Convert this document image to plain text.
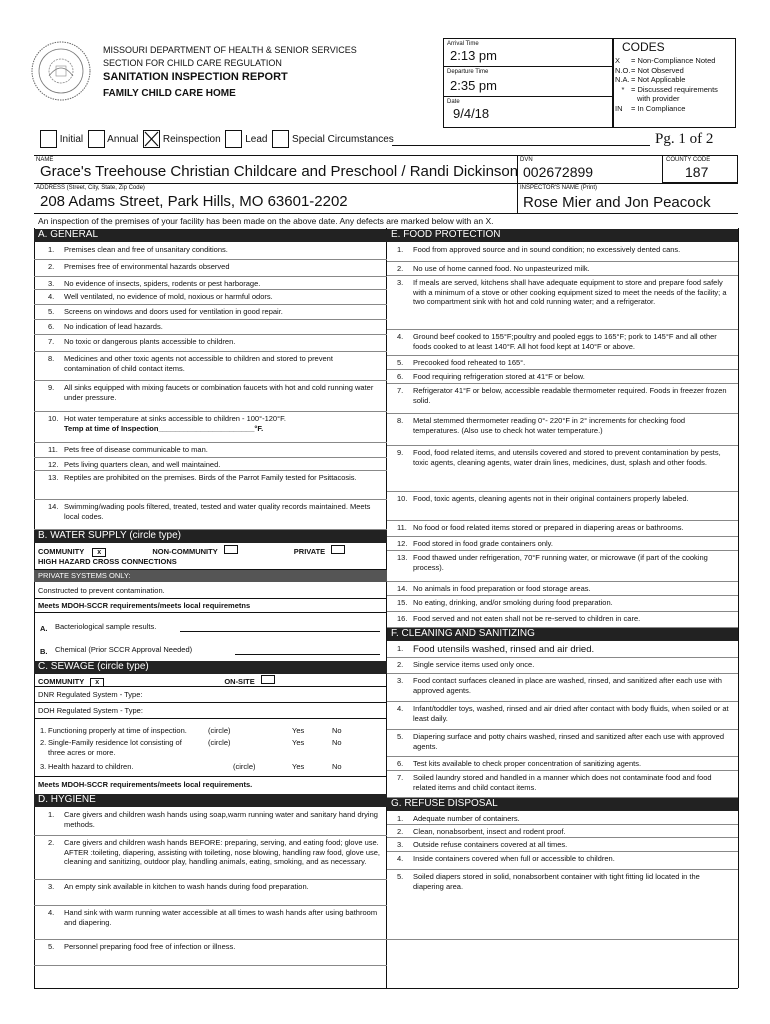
MISSOURI DEPARTMENT OF HEALTH & SENIOR SERVICES
SECTION FOR CHILD CARE REGULATION
SANITATION INSPECTION REPORT
FAMILY CHILD CARE HOME
Arrival Time
2:13 pm
Departure Time
2:35 pm
Date
9/4/18
CODES
X	= Non-Compliance Noted
N.O. = Not Observed
N.A. = Not Applicable
* = Discussed requirements
with provider
IN	= In Compliance
Initial Annual Reinspection Lead Special Circumstances	Pg. 1 of 2
NAME
Grace's Treehouse Christian Childcare and Preschool / Randi Dickinson
DVN
002672899
COUNTY CODE
187
ADDRESS (Street, City, State, Zip Code)
208 Adams Street, Park Hills, MO 63601-2202
INSPECTOR'S NAME (Print)
Rose Mier and Jon Peacock
An inspection of the premises of your facility has been made on the above date. Any defects are marked below with an X.
A. GENERAL
1. Premises clean and free of unsanitary conditions.
2. Premises free of environmental hazards observed
3. No evidence of insects, spiders, rodents or pest harborage.
4. Well ventilated, no evidence of mold, noxious or harmful odors.
5. Screens on windows and doors used for ventilation in good repair.
6. No indication of lead hazards.
7. No toxic or dangerous plants accessible to children.
8. Medicines and other toxic agents not accessible to children and stored to prevent contamination of child contact items.
9. All sinks equipped with mixing faucets or combination faucets with hot and cold running water under pressure.
10. Hot water temperature at sinks accessible to children - 100°-120°F.
Temp at time of Inspection_______________________°F.
11. Pets free of disease communicable to man.
12. Pets living quarters clean, and well maintained.
13. Reptiles are prohibited on the premises. Birds of the Parrot Family tested for Psittacosis.
14. Swimming/wading pools filtered, treated, tested and water quality records maintained. Meets local codes.
B. WATER SUPPLY (circle type)
COMMUNITY x	NON-COMMUNITY	PRIVATE
HIGH HAZARD CROSS CONNECTIONS
PRIVATE SYSTEMS ONLY:
Constructed to prevent contamination.
Meets MDOH-SCCR requirements/meets local requiremetns
A. Bacteriological sample results.
B. Chemical (Prior SCCR Approval Needed)
C. SEWAGE (circle type)
COMMUNITY x	ON-SITE
DNR Regulated System - Type:
DOH Regulated System - Type:
1. Functioning properly at time of inspection.	(circle)	Yes	No
2. Single-Family residence lot consisting of three acres or more.
(circle)	Yes	No
3. Health hazard to children.	(circle)	Yes	No
Meets MDOH-SCCR requirements/meets local requirements.
D. HYGIENE
1. Care givers and children wash hands using soap,warm running water and sanitary hand drying methods.
2. Care givers and children wash hands BEFORE: preparing, serving, and eating food; glove use. AFTER :toileting, diapering, assisting with toileting, nose blowing, handling raw food, glove use, cleaning and sanitizing, outdoor play, handling animals, eating, smoking, and as necessary.
3. An empty sink available in kitchen to wash hands during food preparation.
4. Hand sink with warm running water accessible at all times to wash hands after using bathroom and diapering.
5. Personnel preparing food free of infection or illness.
E. FOOD PROTECTION
1. Food from approved source and in sound condition; no excessively dented cans.
2. No use of home canned food. No unpasteurized milk.
3. If meals are served, kitchens shall have adequate equipment to store and prepare food safely with a minimum of a stove or other cooking equipment sized to meet the needs of the facility; a two compartment sink with hot and cold running water; and a refrigerator.
4. Ground beef cooked to 155°F;poultry and pooled eggs to 165°F; pork to 145°F and all other foods cooked to at least 140°F. All hot food kept at 140°F or above.
5. Precooked food reheated to 165°.
6. Food requiring refrigeration stored at 41°F or below.
7. Refrigerator 41°F or below, accessible readable thermometer required. Foods in freezer frozen solid.
8. Metal stemmed thermometer reading 0°- 220°F in 2° increments for checking food temperatures. (Also use to check hot water temperature.)
9. Food, food related items, and utensils covered and stored to prevent contamination by pests, toxic agents, cleaning agents, water drain lines, medicines, dust, splash and other foods.
10. Food, toxic agents, cleaning agents not in their original containers properly labeled.
11. No food or food related items stored or prepared in diapering areas or bathrooms.
12. Food stored in food grade containers only.
13. Food thawed under refrigeration, 70°F running water, or microwave (if part of the cooking process).
14. No animals in food preparation or food storage areas.
15. No eating, drinking, and/or smoking during food preparation.
16. Food served and not eaten shall not be re-served to children in care.
F. CLEANING AND SANITIZING
1. Food utensils washed, rinsed and air dried.
2. Single service items used only once.
3. Food contact surfaces cleaned in place are washed, rinsed, and sanitized after each use with approved agents.
4. Infant/toddler toys, washed, rinsed and air dried after contact with body fluids, when soiled or at least daily.
5. Diapering surface and potty chairs washed, rinsed and sanitized after each use with approved agents.
6. Test kits available to check proper concentration of sanitizing agents.
7. Soiled laundry stored and handled in a manner which does not contaminate food and food related items and child contact items.
G. REFUSE DISPOSAL
1. Adequate number of containers.
2. Clean, nonabsorbent, insect and rodent proof.
3. Outside refuse containers covered at all times.
4. Inside containers covered when full or accessible to children.
5. Soiled diapers stored in solid, nonabsorbent container with tight fitting lid located in the diapering area.
